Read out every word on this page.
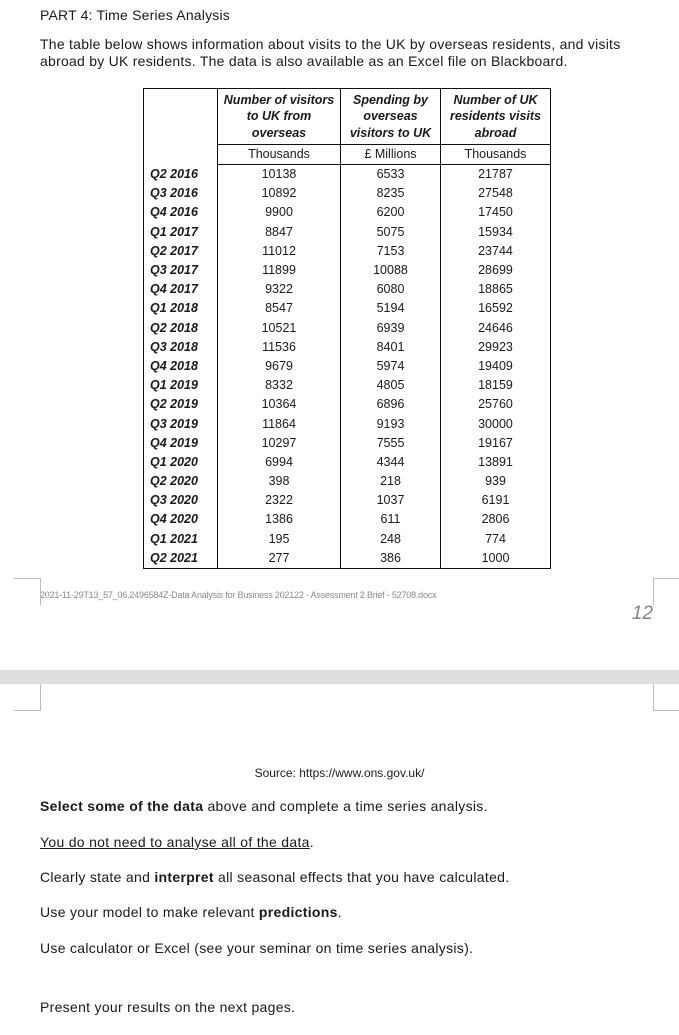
PART 4: Time Series Analysis
The table below shows information about visits to the UK by overseas residents, and visits abroad by UK residents. The data is also available as an Excel file on Blackboard.
	Number of visitors to UK from overseas	Spending by overseas visitors to UK	Number of UK residents visits abroad
	Thousands	£ Millions	Thousands
Q2 2016	10138	6533	21787
Q3 2016	10892	8235	27548
Q4 2016	9900	6200	17450
Q1 2017	8847	5075	15934
Q2 2017	11012	7153	23744
Q3 2017	11899	10088	28699
Q4 2017	9322	6080	18865
Q1 2018	8547	5194	16592
Q2 2018	10521	6939	24646
Q3 2018	11536	8401	29923
Q4 2018	9679	5974	19409
Q1 2019	8332	4805	18159
Q2 2019	10364	6896	25760
Q3 2019	11864	9193	30000
Q4 2019	10297	7555	19167
Q1 2020	6994	4344	13891
Q2 2020	398	218	939
Q3 2020	2322	1037	6191
Q4 2020	1386	611	2806
Q1 2021	195	248	774
Q2 2021	277	386	1000
2021-11-29T13_57_06.2496584Z-Data Analysis for Business 202122 - Assessment 2 Brief - 52708.docx
12
Source: https://www.ons.gov.uk/
Select some of the data above and complete a time series analysis.
You do not need to analyse all of the data.
Clearly state and interpret all seasonal effects that you have calculated.
Use your model to make relevant predictions.
Use calculator or Excel (see your seminar on time series analysis).
Present your results on the next pages.
